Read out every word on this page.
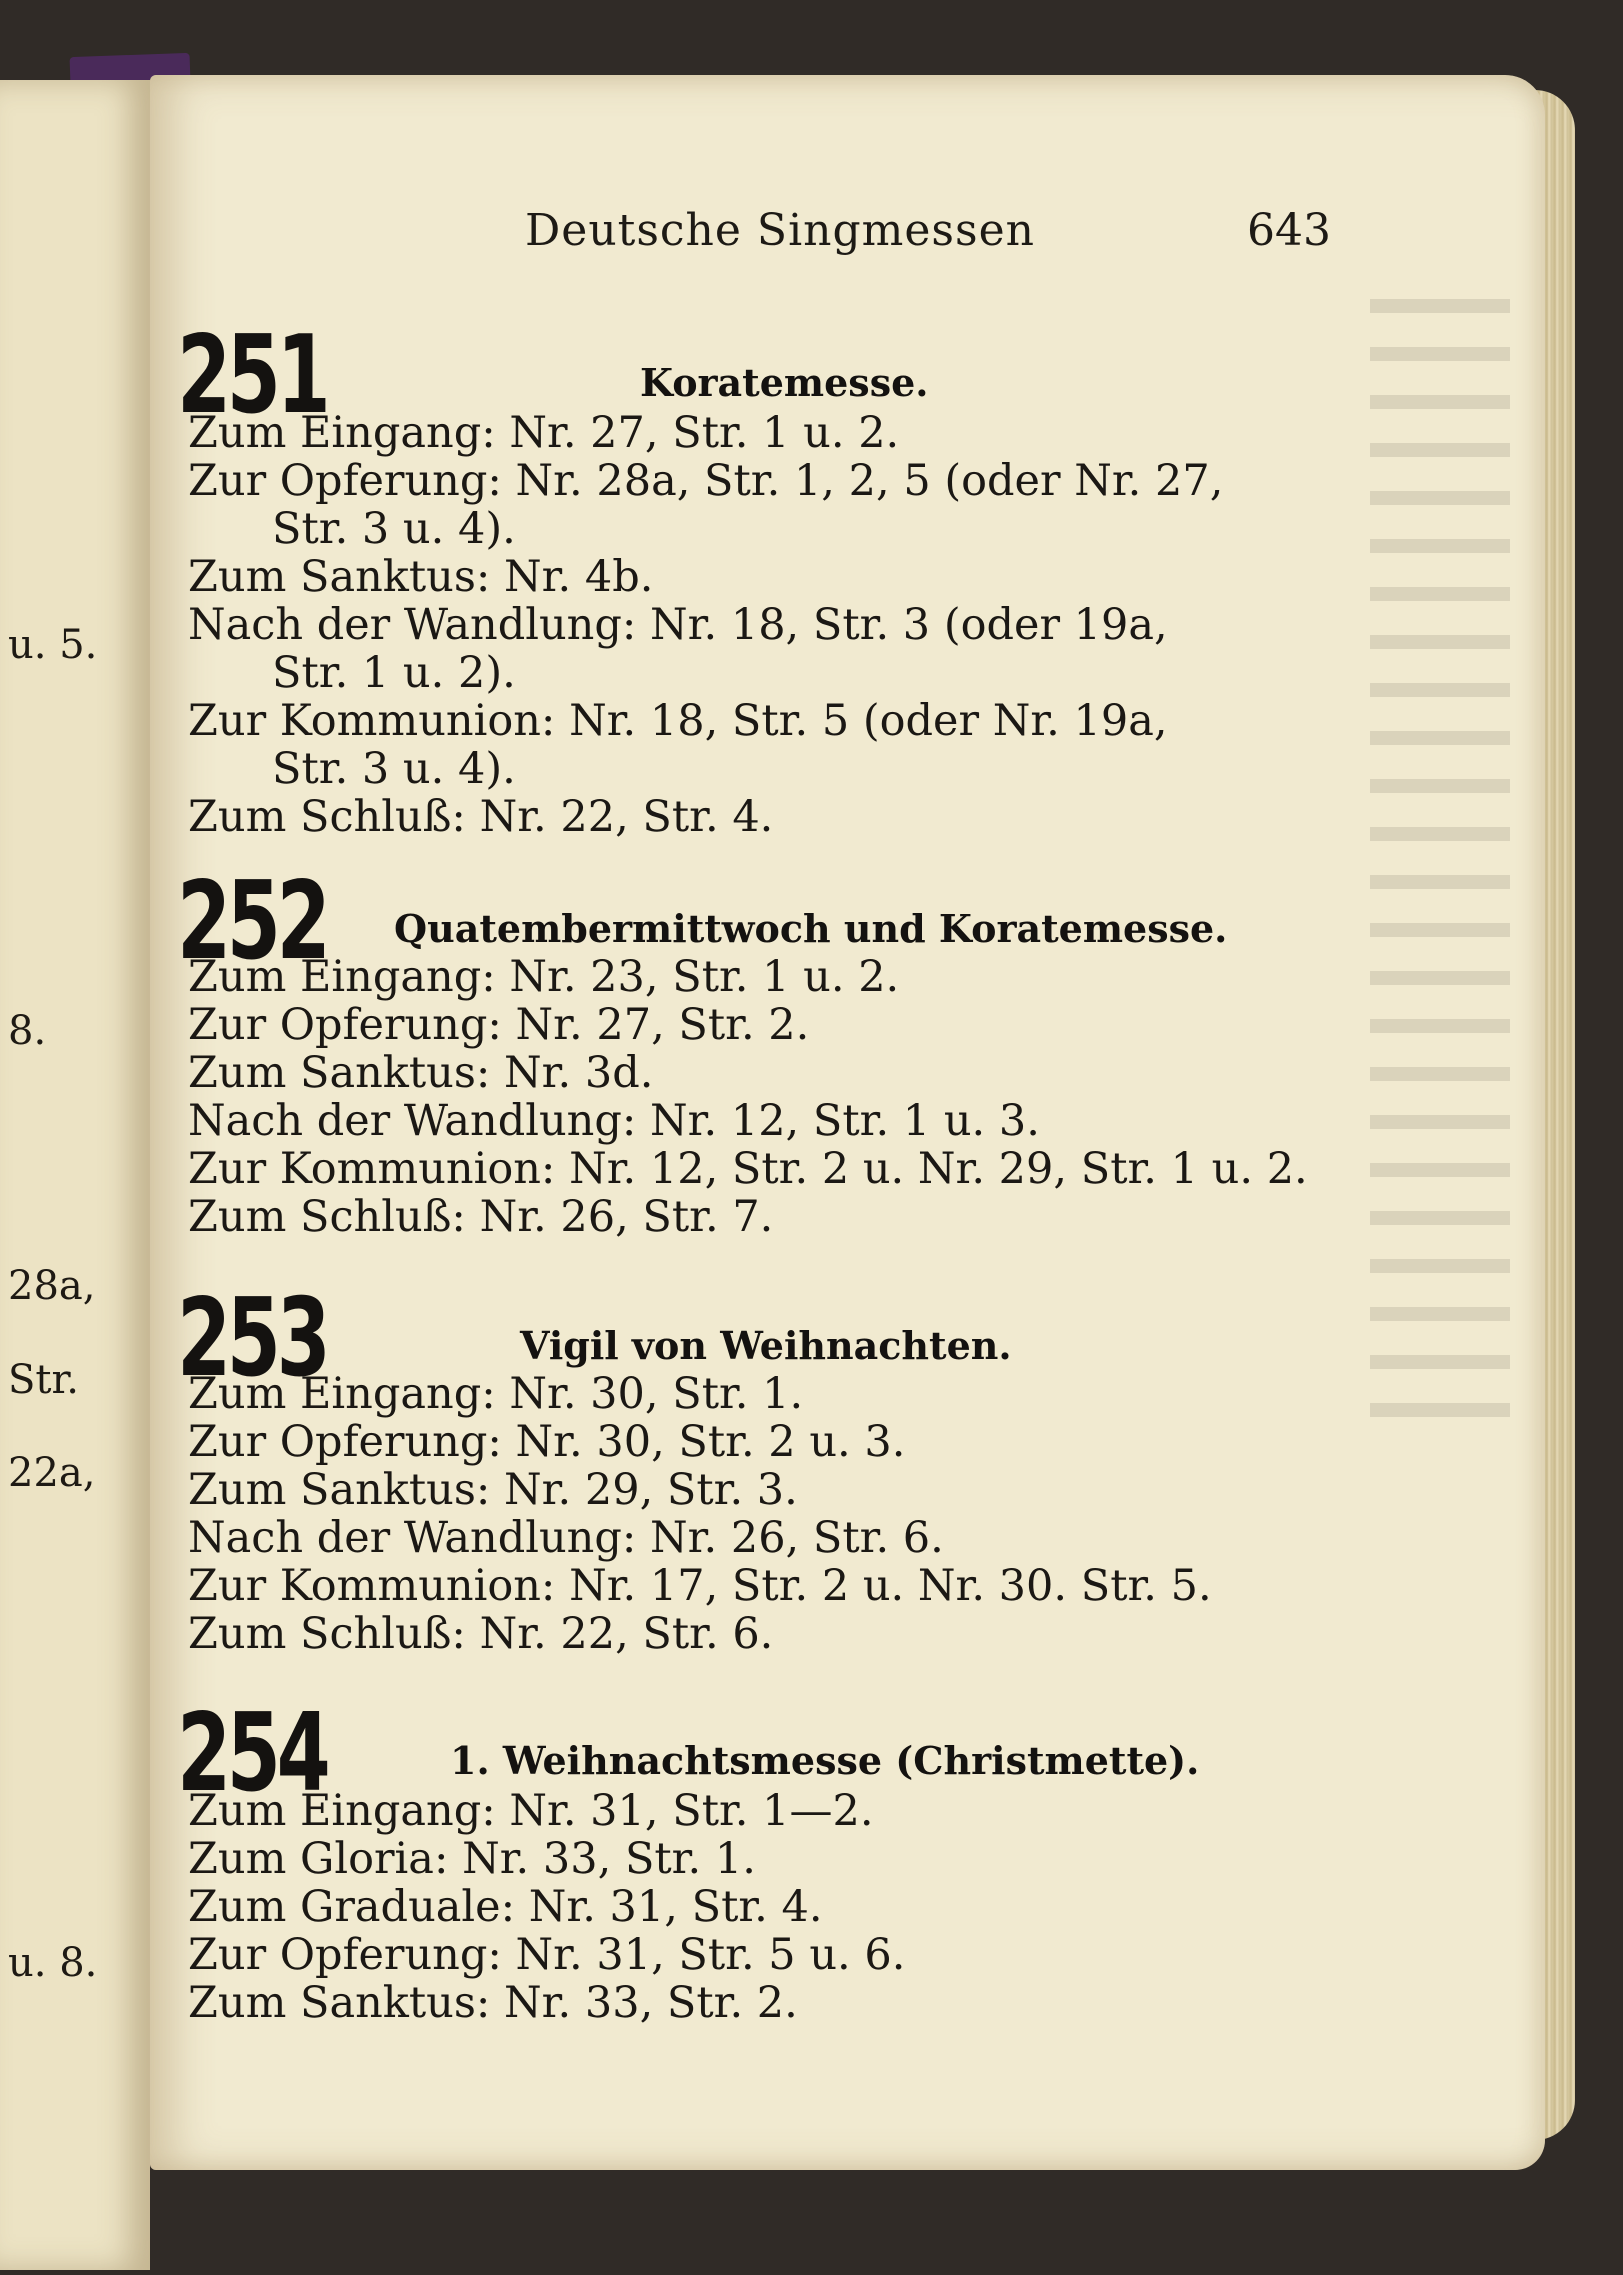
u. 5.
8.
28a,
Str.
22a,
u. 8.
Deutsche Singmessen	643
251	Koratemesse.
Zum Eingang: Nr. 27, Str. 1 u. 2.
Zur Opferung: Nr. 28a, Str. 1, 2, 5 (oder Nr. 27,
Str. 3 u. 4).
Zum Sanktus: Nr. 4b.
Nach der Wandlung: Nr. 18, Str. 3 (oder 19a,
Str. 1 u. 2).
Zur Kommunion: Nr. 18, Str. 5 (oder Nr. 19a,
Str. 3 u. 4).
Zum Schluß: Nr. 22, Str. 4.
252 Quatembermittwoch und Koratemesse.
Zum Eingang: Nr. 23, Str. 1 u. 2.
Zur Opferung: Nr. 27, Str. 2.
Zum Sanktus: Nr. 3d.
Nach der Wandlung: Nr. 12, Str. 1 u. 3.
Zur Kommunion: Nr. 12, Str. 2 u. Nr. 29, Str. 1 u. 2.
Zum Schluß: Nr. 26, Str. 7.
253	Vigil von Weihnachten.
Zum Eingang: Nr. 30, Str. 1.
Zur Opferung: Nr. 30, Str. 2 u. 3.
Zum Sanktus: Nr. 29, Str. 3.
Nach der Wandlung: Nr. 26, Str. 6.
Zur Kommunion: Nr. 17, Str. 2 u. Nr. 30. Str. 5.
Zum Schluß: Nr. 22, Str. 6.
254	1. Weihnachtsmesse (Christmette).
Zum Eingang: Nr. 31, Str. 1—2.
Zum Gloria: Nr. 33, Str. 1.
Zum Graduale: Nr. 31, Str. 4.
Zur Opferung: Nr. 31, Str. 5 u. 6.
Zum Sanktus: Nr. 33, Str. 2.
